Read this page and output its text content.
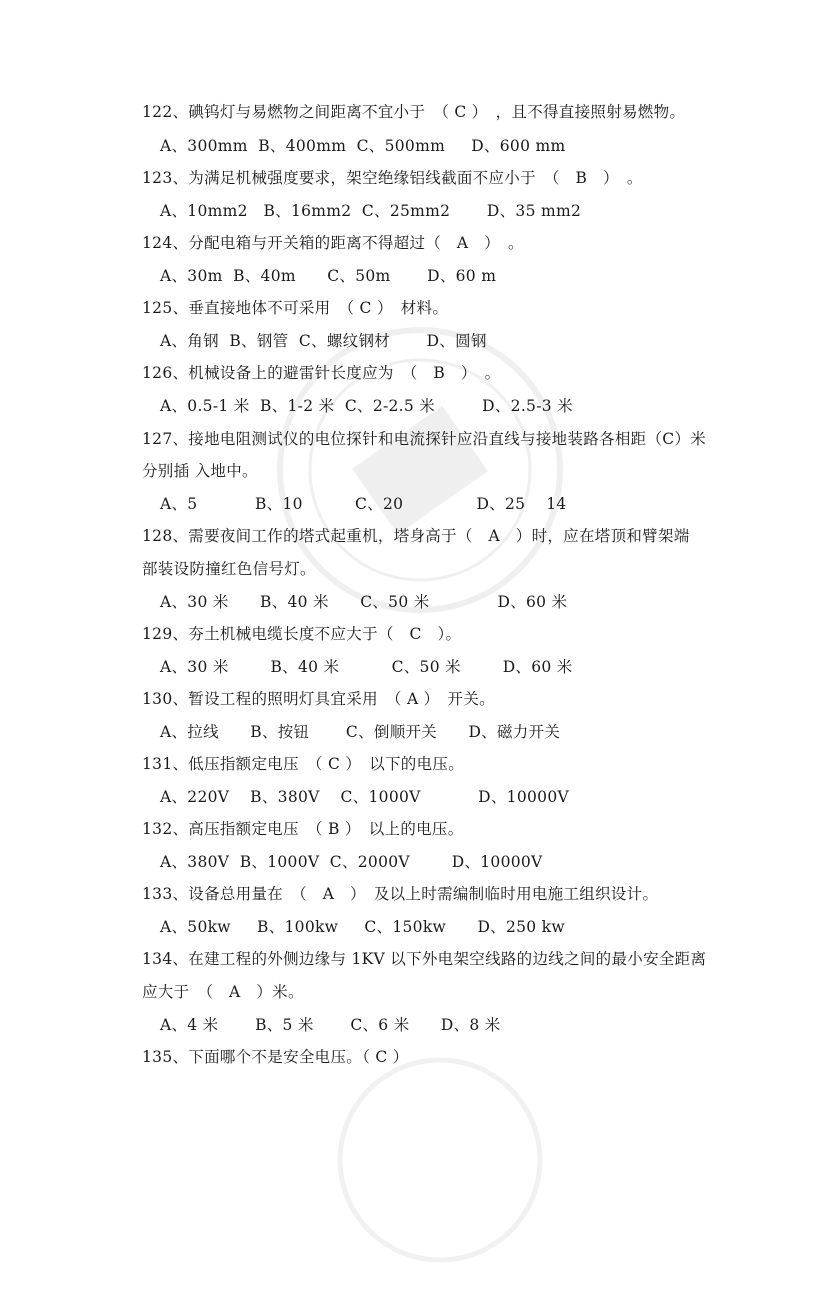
122、碘钨灯与易燃物之间距离不宜小于　（ C ）　，且不得直接照射易燃物。
A、300mm  B、400mm  C、500mm     D、600 mm
123、为满足机械强度要求，架空绝缘铝线截面不应小于　（　B　）　。
A、10mm2   B、16mm2  C、25mm2       D、35 mm2
124、分配电箱与开关箱的距离不得超过（　A　）　。
A、30m  B、40m      C、50m       D、60 m
125、垂直接地体不可采用　（ C ）　材料。
A、角钢  B、钢管  C、螺纹钢材       D、圆钢
126、机械设备上的避雷针长度应为　（　B　）　。
A、0.5-1 米  B、1-2 米  C、2-2.5 米         D、2.5-3 米
127、接地电阻测试仪的电位探针和电流探针应沿直线与接地装路各相距（C）米
分别插 入地中。
A、5           B、10          C、20              D、25    14
128、需要夜间工作的塔式起重机，塔身高于（　A　）时，应在塔顶和臂架端
部装设防撞红色信号灯。
A、30 米      B、40 米      C、50 米             D、60 米
129、夯土机械电缆长度不应大于（　C　）。
A、30 米        B、40 米          C、50 米        D、60 米
130、暂设工程的照明灯具宜采用　（ A ）　开关。
A、拉线      B、按钮       C、倒顺开关      D、磁力开关
131、低压指额定电压　（ C ）　以下的电压。
A、220V    B、380V    C、1000V           D、10000V
132、高压指额定电压　（ B ）　以上的电压。
A、380V  B、1000V  C、2000V        D、10000V
133、设备总用量在　（　A　）　及以上时需编制临时用电施工组织设计。
A、50kw     B、100kw     C、150kw      D、250 kw
134、在建工程的外侧边缘与 1KV 以下外电架空线路的边线之间的最小安全距离
应大于　（　A　）米。
A、4 米       B、5 米       C、6 米      D、8 米
135、下面哪个不是安全电压。（ C ）
